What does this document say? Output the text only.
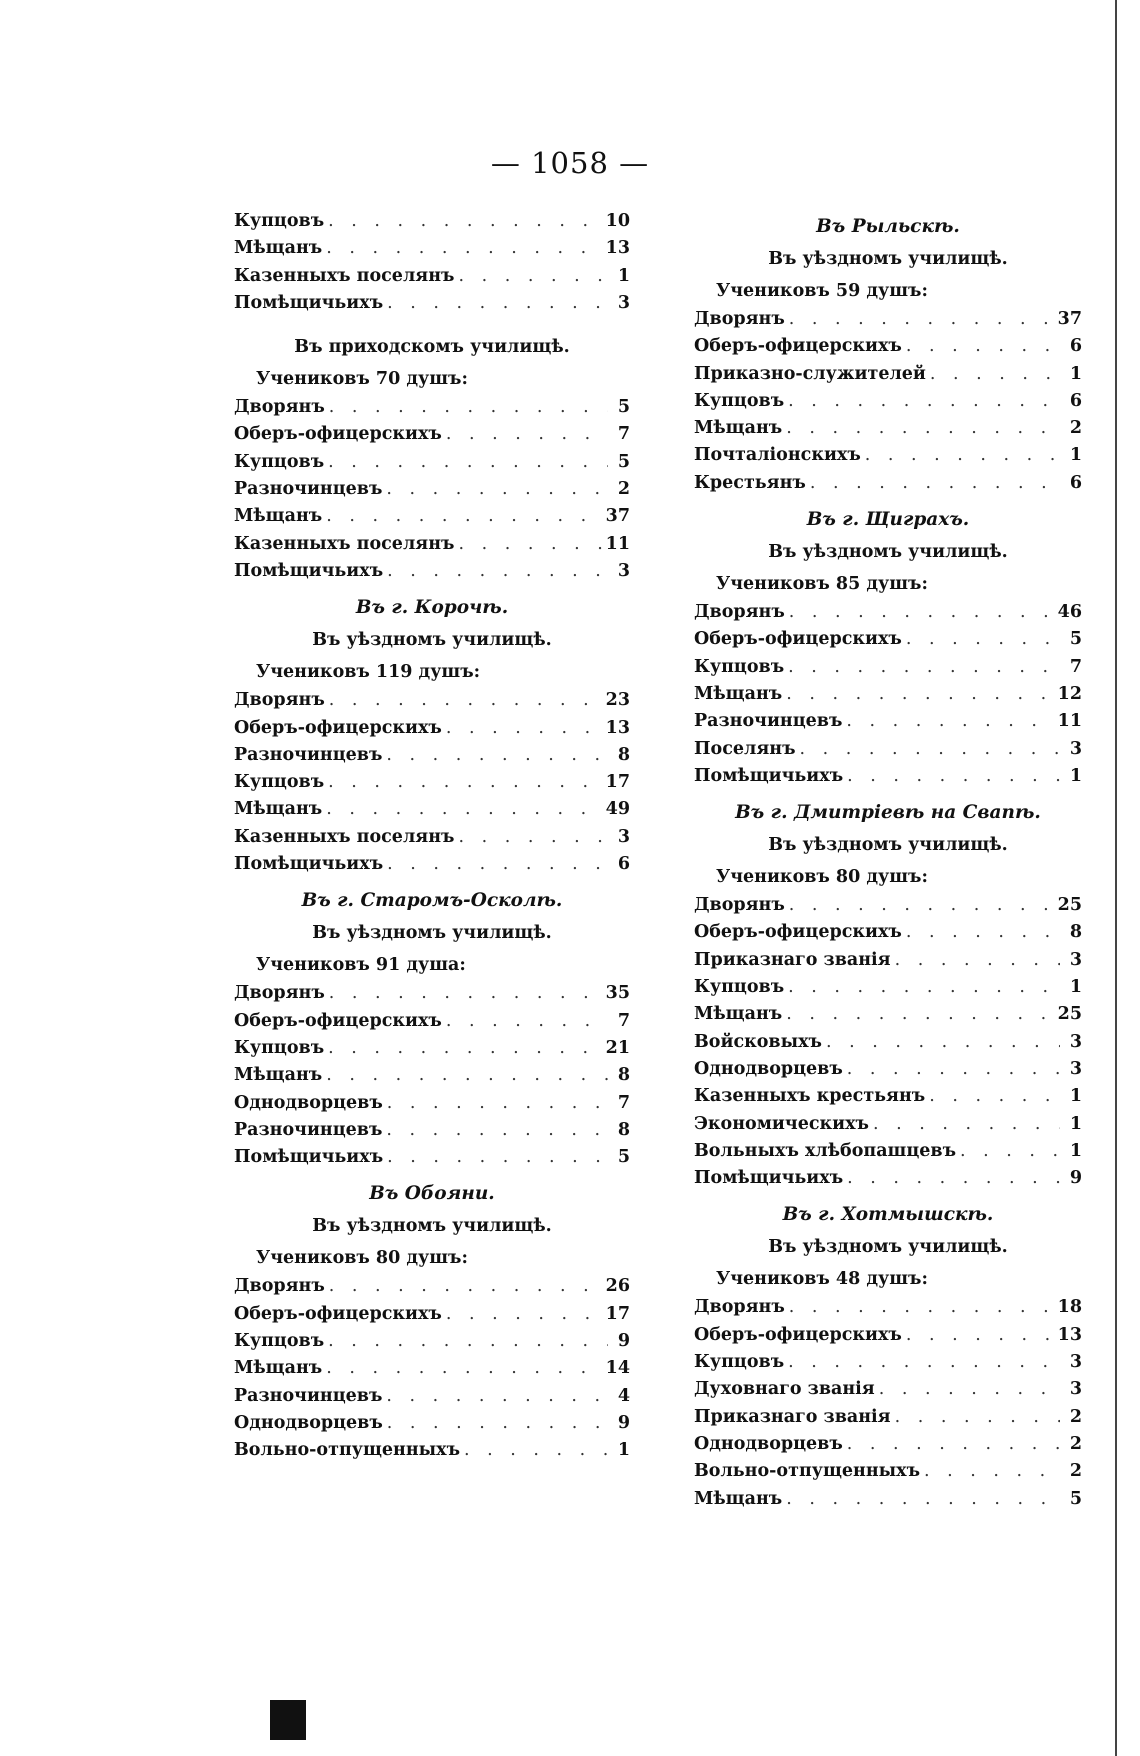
— 1058 —
Купцовъ . . .	10
Мѣщанъ . . .	13
Казенныхъ поселянъ . . .	1
Помѣщичьихъ . . .	3
Въ приходскомъ училищѣ.
Учениковъ 70 душъ:
Дворянъ . . .	5
Оберъ-офицерскихъ . . .	7
Купцовъ . . .	5
Разночинцевъ . . .	2
Мѣщанъ . . .	37
Казенныхъ поселянъ . . .	11
Помѣщичьихъ . . .	3
Въ г. Корочѣ.
Въ уѣздномъ училищѣ.
Учениковъ 119 душъ:
Дворянъ . . .	23
Оберъ-офицерскихъ . . .	13
Разночинцевъ . . .	8
Купцовъ . . .	17
Мѣщанъ . . .	49
Казенныхъ поселянъ . . .	3
Помѣщичьихъ . . .	6
Въ г. Старомъ-Осколѣ.
Въ уѣздномъ училищѣ.
Учениковъ 91 душа:
Дворянъ . . .	35
Оберъ-офицерскихъ . . .	7
Купцовъ . . .	21
Мѣщанъ . . .	8
Однодворцевъ . . .	7
Разночинцевъ . . .	8
Помѣщичьихъ . . .	5
Въ Обояни.
Въ уѣздномъ училищѣ.
Учениковъ 80 душъ:
Дворянъ . . .	26
Оберъ-офицерскихъ . . .	17
Купцовъ . . .	9
Мѣщанъ . . .	14
Разночинцевъ . . .	4
Однодворцевъ . . .	9
Вольно-отпущенныхъ . . .	1
Въ Рыльскѣ.
Въ уѣздномъ училищѣ.
Учениковъ 59 душъ:
Дворянъ . . .	37
Оберъ-офицерскихъ . . .	6
Приказно-служителей . . .	1
Купцовъ . . .	6
Мѣщанъ . . .	2
Почталіонскихъ . . .	1
Крестьянъ . . .	6
Въ г. Щиграхъ.
Въ уѣздномъ училищѣ.
Учениковъ 85 душъ:
Дворянъ . . .	46
Оберъ-офицерскихъ . . .	5
Купцовъ . . .	7
Мѣщанъ . . .	12
Разночинцевъ . . .	11
Поселянъ . . .	3
Помѣщичьихъ . . .	1
Въ г. Дмитріевѣ на Свапѣ.
Въ уѣздномъ училищѣ.
Учениковъ 80 душъ:
Дворянъ . . .	25
Оберъ-офицерскихъ . . .	8
Приказнаго званія . . .	3
Купцовъ . . .	1
Мѣщанъ . . .	25
Войсковыхъ . . .	3
Однодворцевъ . . .	3
Казенныхъ крестьянъ . . .	1
Экономическихъ . . .	1
Вольныхъ хлѣбопашцевъ . . .	1
Помѣщичьихъ . . .	9
Въ г. Хотмышскѣ.
Въ уѣздномъ училищѣ.
Учениковъ 48 душъ:
Дворянъ . . .	18
Оберъ-офицерскихъ . . .	13
Купцовъ . . .	3
Духовнаго званія . . .	3
Приказнаго званія . . .	2
Однодворцевъ . . .	2
Вольно-отпущенныхъ . . .	2
Мѣщанъ . . .	5
